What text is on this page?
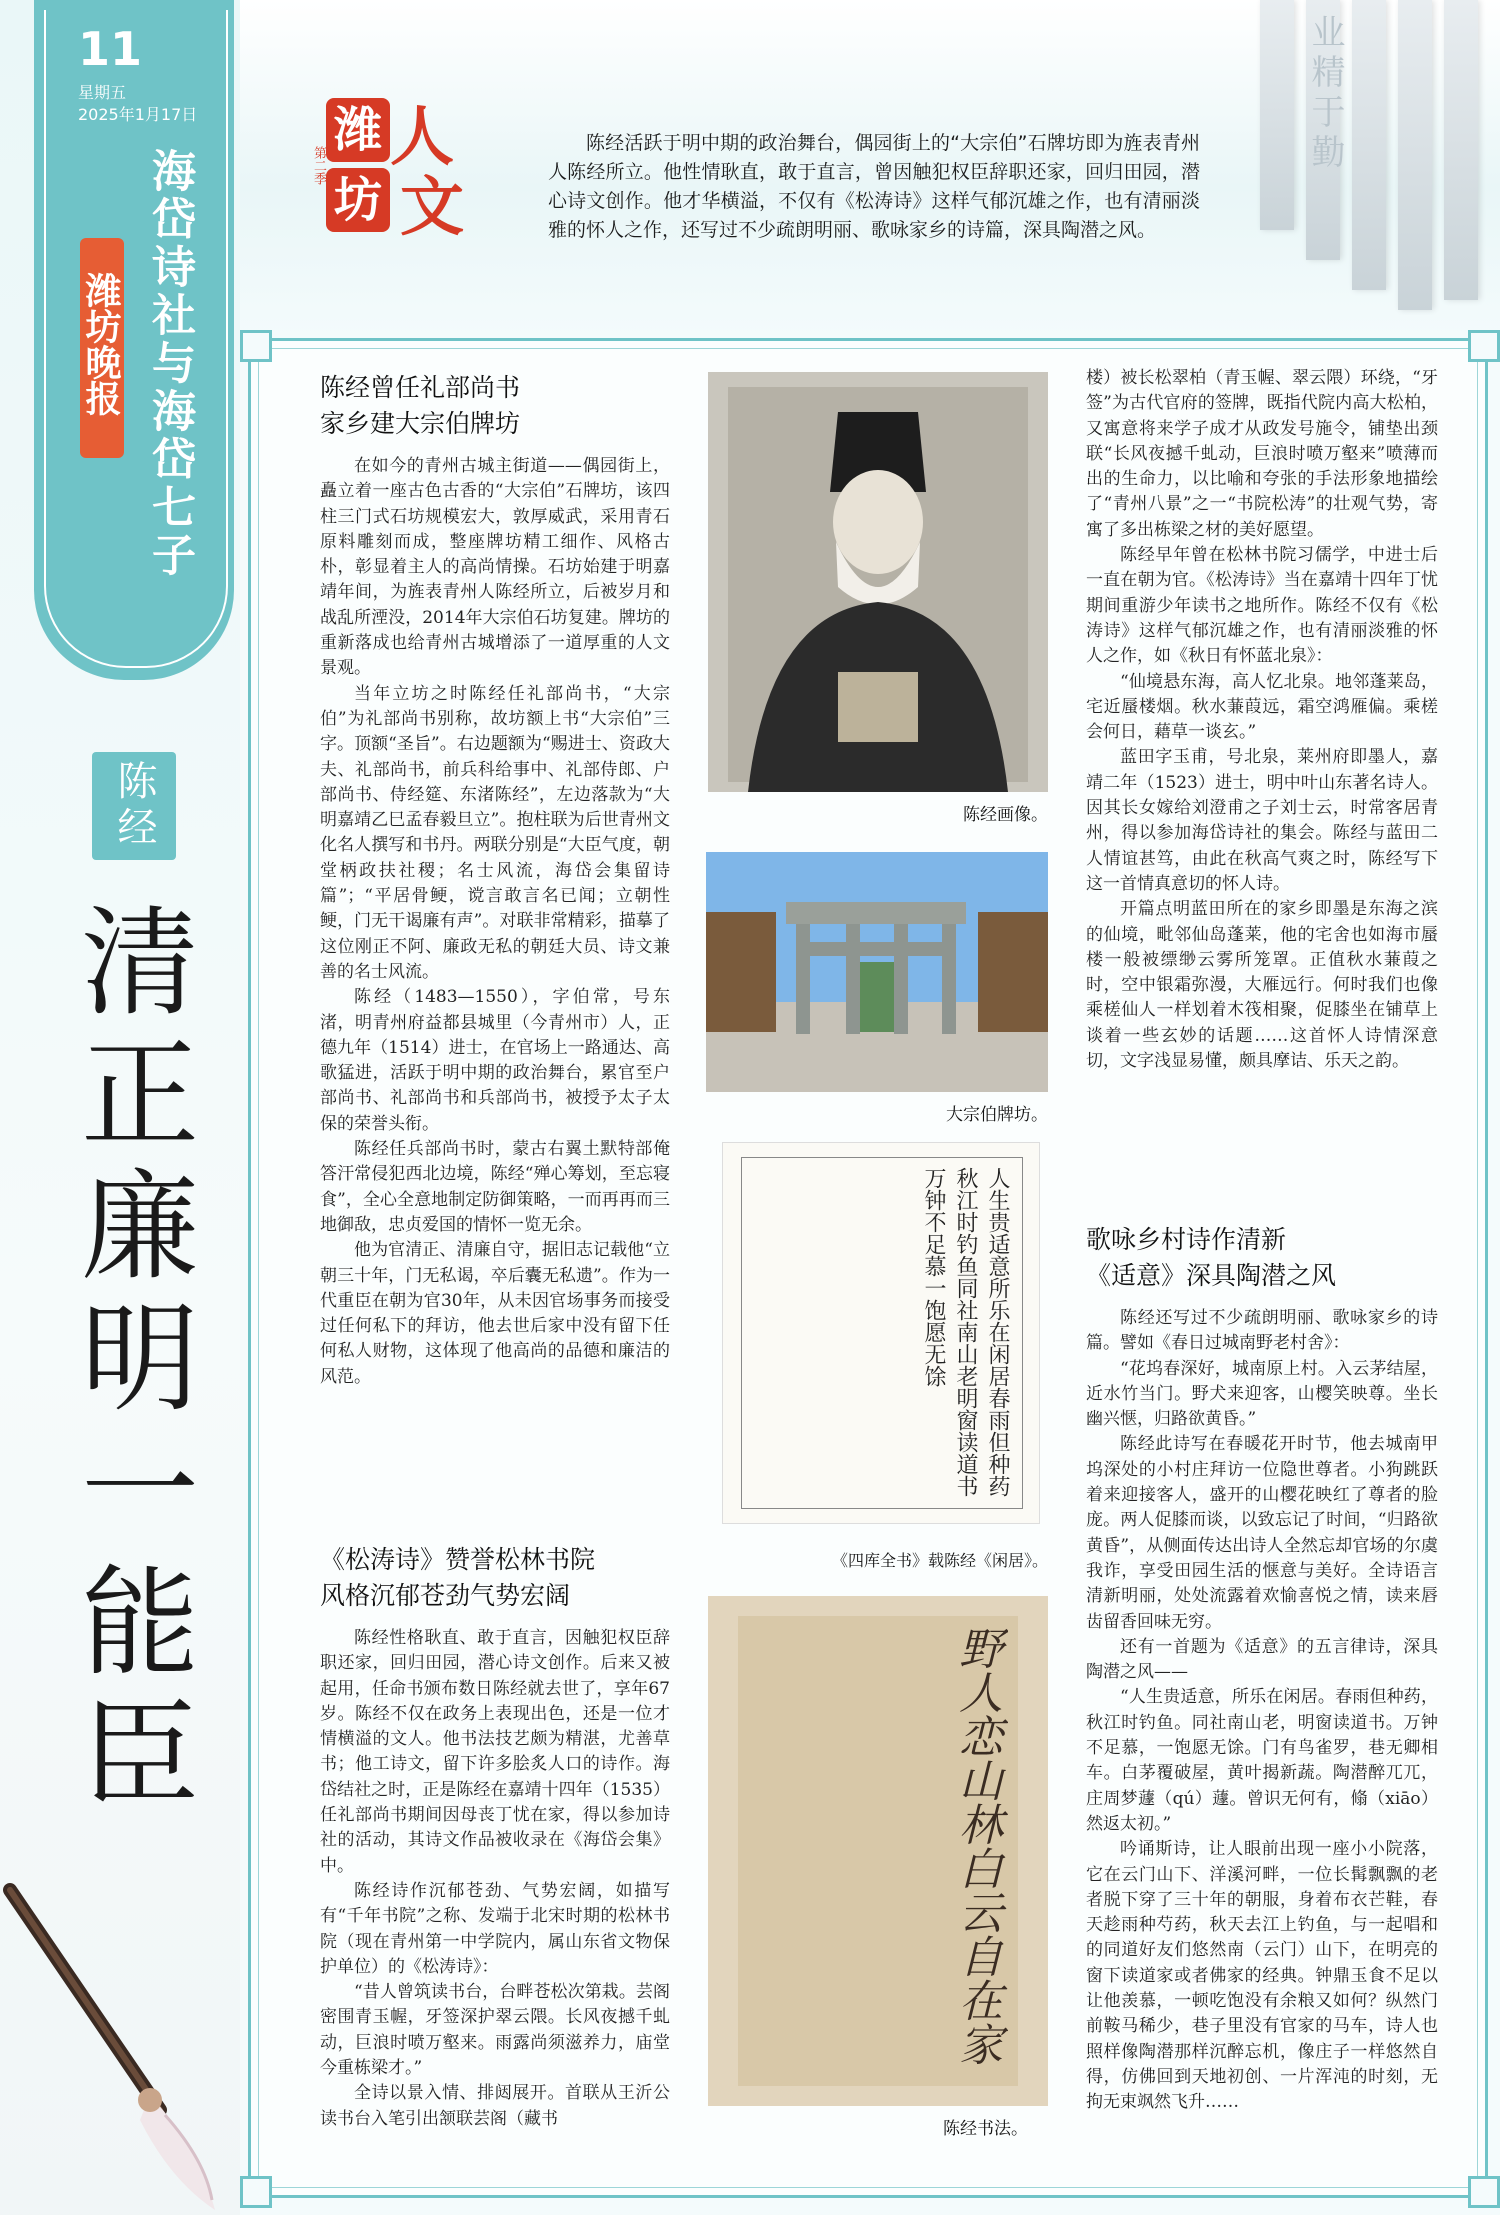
11
星期五
2025年1月17日
海岱诗社与海岱七子
潍坊晚报
陈经
清正廉明一能臣
潍
坊
人
文
第二季

陈经活跃于明中期的政治舞台，偶园街上的“大宗伯”石牌坊即为旌表青州人陈经所立。他性情耿直，敢于直言，曾因触犯权臣辞职还家，回归田园，潜心诗文创作。他才华横溢，不仅有《松涛诗》这样气郁沉雄之作，也有清丽淡雅的怀人之作，还写过不少疏朗明丽、歌咏家乡的诗篇，深具陶潜之风。

业精于勤
陈经曾任礼部尚书
家乡建大宗伯牌坊

在如今的青州古城主街道——偶园街上，矗立着一座古色古香的“大宗伯”石牌坊，该四柱三门式石坊规模宏大，敦厚威武，采用青石原料雕刻而成，整座牌坊精工细作、风格古朴，彰显着主人的高尚情操。石坊始建于明嘉靖年间，为旌表青州人陈经所立，后被岁月和战乱所湮没，2014年大宗伯石坊复建。牌坊的重新落成也给青州古城增添了一道厚重的人文景观。

当年立坊之时陈经任礼部尚书，“大宗伯”为礼部尚书别称，故坊额上书“大宗伯”三字。顶额“圣旨”。右边题额为“赐进士、资政大夫、礼部尚书，前兵科给事中、礼部侍郎、户部尚书、侍经筵、东渚陈经”，左边落款为“大明嘉靖乙巳孟春毅旦立”。抱柱联为后世青州文化名人撰写和书丹。两联分别是“大臣气度，朝堂柄政扶社稷；名士风流，海岱会集留诗篇”；“平居骨鲠，谠言敢言名已闻；立朝性鲠，门无干谒廉有声”。对联非常精彩，描摹了这位刚正不阿、廉政无私的朝廷大员、诗文兼善的名士风流。

陈经（1483—1550），字伯常，号东渚，明青州府益都县城里（今青州市）人，正德九年（1514）进士，在官场上一路通达、高歌猛进，活跃于明中期的政治舞台，累官至户部尚书、礼部尚书和兵部尚书，被授予太子太保的荣誉头衔。

陈经任兵部尚书时，蒙古右翼土默特部俺答汗常侵犯西北边境，陈经“殚心筹划，至忘寝食”，全心全意地制定防御策略，一而再再而三地御敌，忠贞爱国的情怀一览无余。

他为官清正、清廉自守，据旧志记载他“立朝三十年，门无私谒，卒后囊无私遗”。作为一代重臣在朝为官30年，从未因官场事务而接受过任何私下的拜访，他去世后家中没有留下任何私人财物，这体现了他高尚的品德和廉洁的风范。

《松涛诗》赞誉松林书院
风格沉郁苍劲气势宏阔

陈经性格耿直、敢于直言，因触犯权臣辞职还家，回归田园，潜心诗文创作。后来又被起用，任命书颁布数日陈经就去世了，享年67岁。陈经不仅在政务上表现出色，还是一位才情横溢的文人。他书法技艺颇为精湛，尤善草书；他工诗文，留下许多脍炙人口的诗作。海岱结社之时，正是陈经在嘉靖十四年（1535）任礼部尚书期间因母丧丁忧在家，得以参加诗社的活动，其诗文作品被收录在《海岱会集》中。

陈经诗作沉郁苍劲、气势宏阔，如描写有“千年书院”之称、发端于北宋时期的松林书院（现在青州第一中学院内，属山东省文物保护单位）的《松涛诗》：

“昔人曾筑读书台，台畔苍松次第栽。芸阁密围青玉幄，牙签深护翠云隈。长风夜撼千虬动，巨浪时喷万壑来。雨露尚须滋养力，庙堂今重栋梁才。”

全诗以景入情、排闼展开。首联从王沂公读书台入笔引出颔联芸阁（藏书

陈经画像。
大宗伯牌坊。
人生贵适意所乐在闲居春雨但种药秋江时钓鱼同社南山老明窗读道书万钟不足慕一饱愿无馀
《四库全书》载陈经《闲居》。
野人恋山林白云自在家
陈经书法。

楼）被长松翠柏（青玉幄、翠云隈）环绕，“牙签”为古代官府的签牌，既指代院内高大松柏，又寓意将来学子成才从政发号施令，铺垫出颈联“长风夜撼千虬动，巨浪时喷万壑来”喷薄而出的生命力，以比喻和夸张的手法形象地描绘了“青州八景”之一“书院松涛”的壮观气势，寄寓了多出栋梁之材的美好愿望。

陈经早年曾在松林书院习儒学，中进士后一直在朝为官。《松涛诗》当在嘉靖十四年丁忧期间重游少年读书之地所作。陈经不仅有《松涛诗》这样气郁沉雄之作，也有清丽淡雅的怀人之作，如《秋日有怀蓝北泉》：

“仙境悬东海，高人忆北泉。地邻蓬莱岛，宅近蜃楼烟。秋水蒹葭远，霜空鸿雁偏。乘槎会何日，藉草一谈玄。”

蓝田字玉甫，号北泉，莱州府即墨人，嘉靖二年（1523）进士，明中叶山东著名诗人。因其长女嫁给刘澄甫之子刘士云，时常客居青州，得以参加海岱诗社的集会。陈经与蓝田二人情谊甚笃，由此在秋高气爽之时，陈经写下这一首情真意切的怀人诗。

开篇点明蓝田所在的家乡即墨是东海之滨的仙境，毗邻仙岛蓬莱，他的宅舍也如海市蜃楼一般被缥缈云雾所笼罩。正值秋水蒹葭之时，空中银霜弥漫，大雁远行。何时我们也像乘槎仙人一样划着木筏相聚，促膝坐在铺草上谈着一些玄妙的话题……这首怀人诗情深意切，文字浅显易懂，颇具摩诘、乐天之韵。

歌咏乡村诗作清新
《适意》深具陶潜之风

陈经还写过不少疏朗明丽、歌咏家乡的诗篇。譬如《春日过城南野老村舍》：

“花坞春深好，城南原上村。入云茅结屋，近水竹当门。野犬来迎客，山樱笑映尊。坐长幽兴惬，归路欲黄昏。”

陈经此诗写在春暖花开时节，他去城南甲坞深处的小村庄拜访一位隐世尊者。小狗跳跃着来迎接客人，盛开的山樱花映红了尊者的脸庞。两人促膝而谈，以致忘记了时间，“归路欲黄昏”，从侧面传达出诗人全然忘却官场的尔虞我诈，享受田园生活的惬意与美好。全诗语言清新明丽，处处流露着欢愉喜悦之情，读来唇齿留香回味无穷。

还有一首题为《适意》的五言律诗，深具陶潜之风——

“人生贵适意，所乐在闲居。春雨但种药，秋江时钓鱼。同社南山老，明窗读道书。万钟不足慕，一饱愿无馀。门有鸟雀罗，巷无卿相车。白茅覆破屋，黄叶揭新蔬。陶潜醉兀兀，庄周梦蘧（qú）蘧。曾识无何有，翛（xiāo）然返太初。”

吟诵斯诗，让人眼前出现一座小小院落，它在云门山下、洋溪河畔，一位长髯飘飘的老者脱下穿了三十年的朝服，身着布衣芒鞋，春天趁雨种芍药，秋天去江上钓鱼，与一起唱和的同道好友们悠然南（云门）山下，在明亮的窗下读道家或者佛家的经典。钟鼎玉食不足以让他羡慕，一顿吃饱没有余粮又如何？纵然门前鞍马稀少，巷子里没有官家的马车，诗人也照样像陶潜那样沉醉忘机，像庄子一样悠然自得，仿佛回到天地初创、一片浑沌的时刻，无拘无束飒然飞升……
